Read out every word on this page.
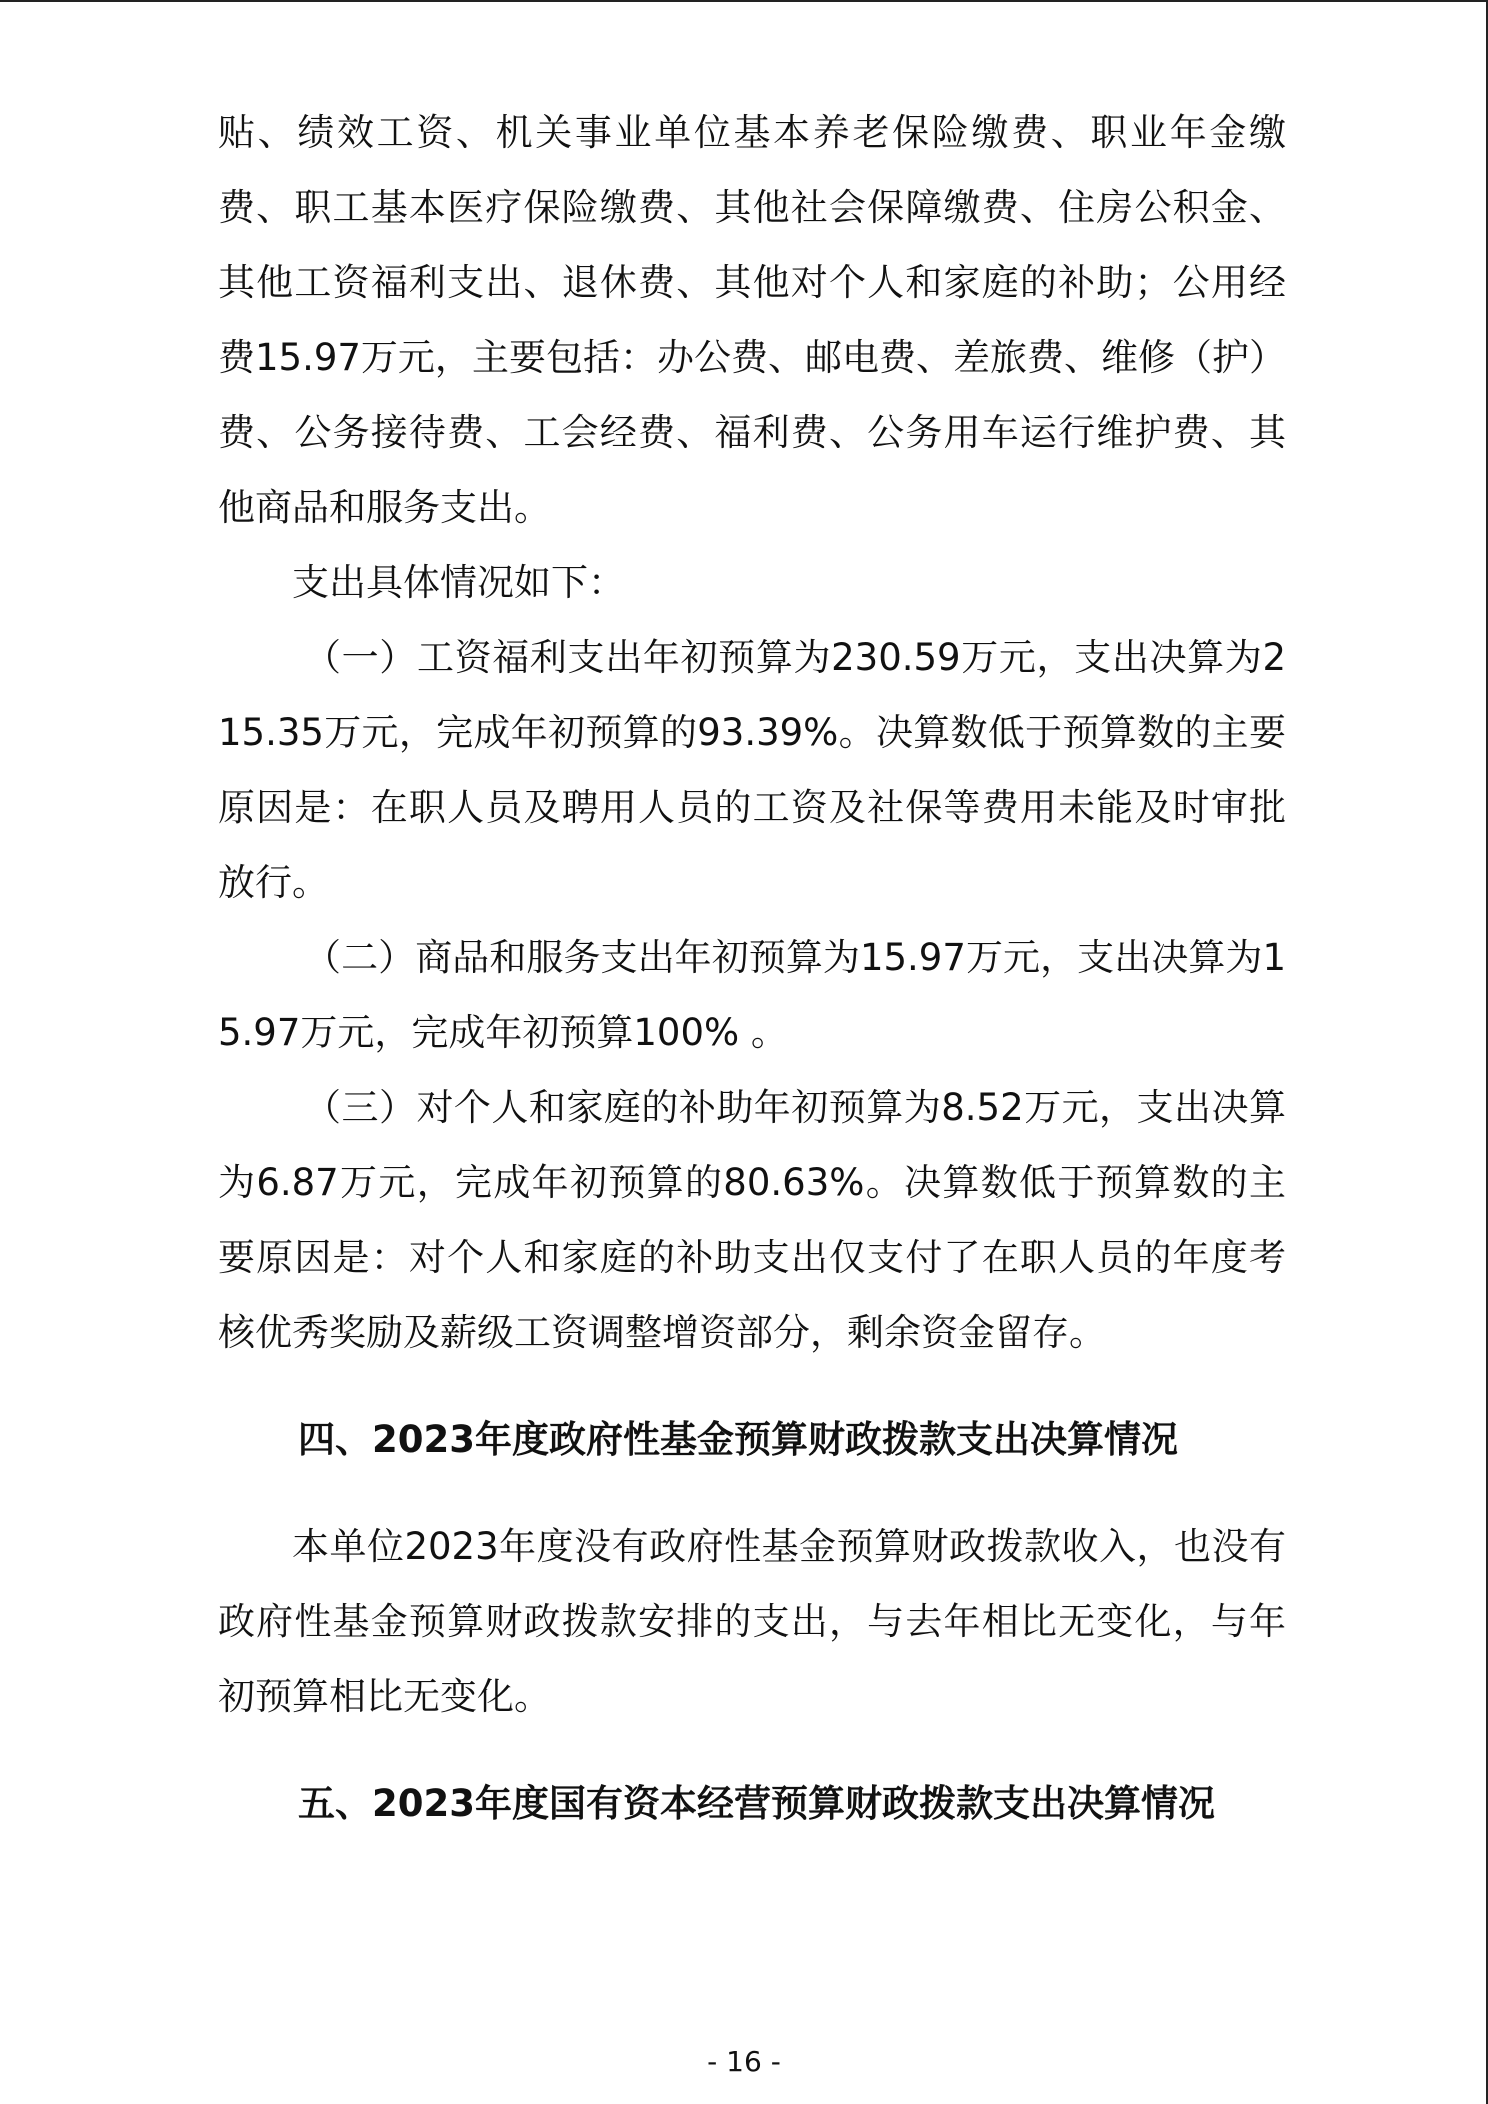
贴、绩效工资、机关事业单位基本养老保险缴费、职业年金缴费、职工基本医疗保险缴费、其他社会保障缴费、住房公积金、其他工资福利支出、退休费、其他对个人和家庭的补助；公用经费15.97万元，主要包括：办公费、邮电费、差旅费、维修（护）费、公务接待费、工会经费、福利费、公务用车运行维护费、其他商品和服务支出。

支出具体情况如下：

（一）工资福利支出年初预算为230.59万元，支出决算为215.35万元，完成年初预算的93.39%。决算数低于预算数的主要原因是：在职人员及聘用人员的工资及社保等费用未能及时审批放行。

（二）商品和服务支出年初预算为15.97万元，支出决算为15.97万元，完成年初预算100% 。

（三）对个人和家庭的补助年初预算为8.52万元，支出决算为6.87万元，完成年初预算的80.63%。决算数低于预算数的主要原因是：对个人和家庭的补助支出仅支付了在职人员的年度考核优秀奖励及薪级工资调整增资部分，剩余资金留存。

四、2023年度政府性基金预算财政拨款支出决算情况

本单位2023年度没有政府性基金预算财政拨款收入，也没有政府性基金预算财政拨款安排的支出，与去年相比无变化，与年初预算相比无变化。

五、2023年度国有资本经营预算财政拨款支出决算情况
- 16 -
